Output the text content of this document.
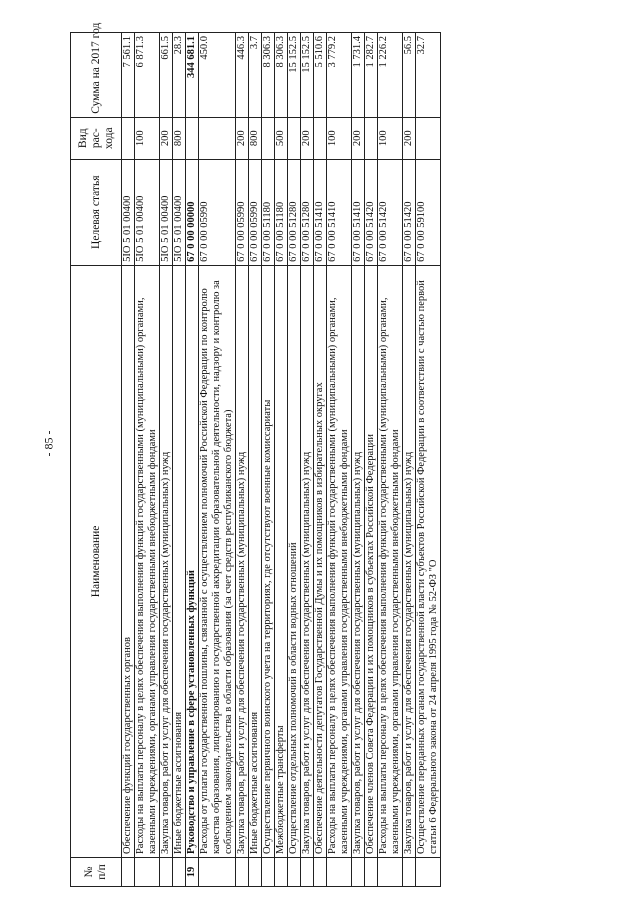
- 85 -
№ п/п	Наименование	Целевая статья	Вид рас-хода	Сумма на 2017 год
	Обеспечение функций государственных органов	5IO 5 01 00400		7 561.1
	Расходы на выплаты персоналу в целях обеспечения выполнения функций государственными (муниципальными) органами, казенными учреждениями, органами управления государственными внебюджетными фондами	5IO 5 01 00400	100	6 871.3
	Закупка товаров, работ и услуг для обеспечения государственных (муниципальных) нужд	5IO 5 01 00400	200	661.5
	Иные бюджетные ассигнования	5IO 5 01 00400	800	28.3
19	Руководство и управление в сфере установленных функций	67 0 00 00000		344 681.1
	Расходы от уплаты государственной пошлины, связанной с осуществлением полномочий Российской Федерации по контролю качества образования, лицензированию и государственной аккредитации образовательной деятельности, надзору и контролю за соблюдением законодательства в области образования (за счет средств республиканского бюджета)	67 0 00 05990		450.0
	Закупка товаров, работ и услуг для обеспечения государственных (муниципальных) нужд	67 0 00 05990	200	446.3
	Иные бюджетные ассигнования	67 0 00 05990	800	3.7
	Осуществление первичного воинского учета на территориях, где отсутствуют военные комиссариаты	67 0 00 51180		8 306.3
	Межбюджетные трансферты	67 0 00 51180	500	8 306.3
	Осуществление отдельных полномочий в области водных отношений	67 0 00 51280		15 152.5
	Закупка товаров, работ и услуг для обеспечения государственных (муниципальных) нужд	67 0 00 51280	200	15 152.5
	Обеспечение деятельности депутатов Государственной Думы и их помощников в избирательных округах	67 0 00 51410		5 510.6
	Расходы на выплаты персоналу в целях обеспечения выполнения функций государственными (муниципальными) органами, казенными учреждениями, органами управления государственными внебюджетными фондами	67 0 00 51410	100	3 779.2
	Закупка товаров, работ и услуг для обеспечения государственных (муниципальных) нужд	67 0 00 51410	200	1 731.4
	Обеспечение членов Совета Федерации и их помощников в субъектах Российской Федерации	67 0 00 51420		1 282.7
	Расходы на выплаты персоналу в целях обеспечения выполнения функций государственными (муниципальными) органами, казенными учреждениями, органами управления государственными внебюджетными фондами	67 0 00 51420	100	1 226.2
	Закупка товаров, работ и услуг для обеспечения государственных (муниципальных) нужд	67 0 00 51420	200	56.5
	Осуществление переданных органам государственной власти субъектов Российской Федерации в соответствии с частью первой статьи 6 Федерального закона от 24 апреля 1995 года № 52-ФЗ "О	67 0 00 59100		32.7
